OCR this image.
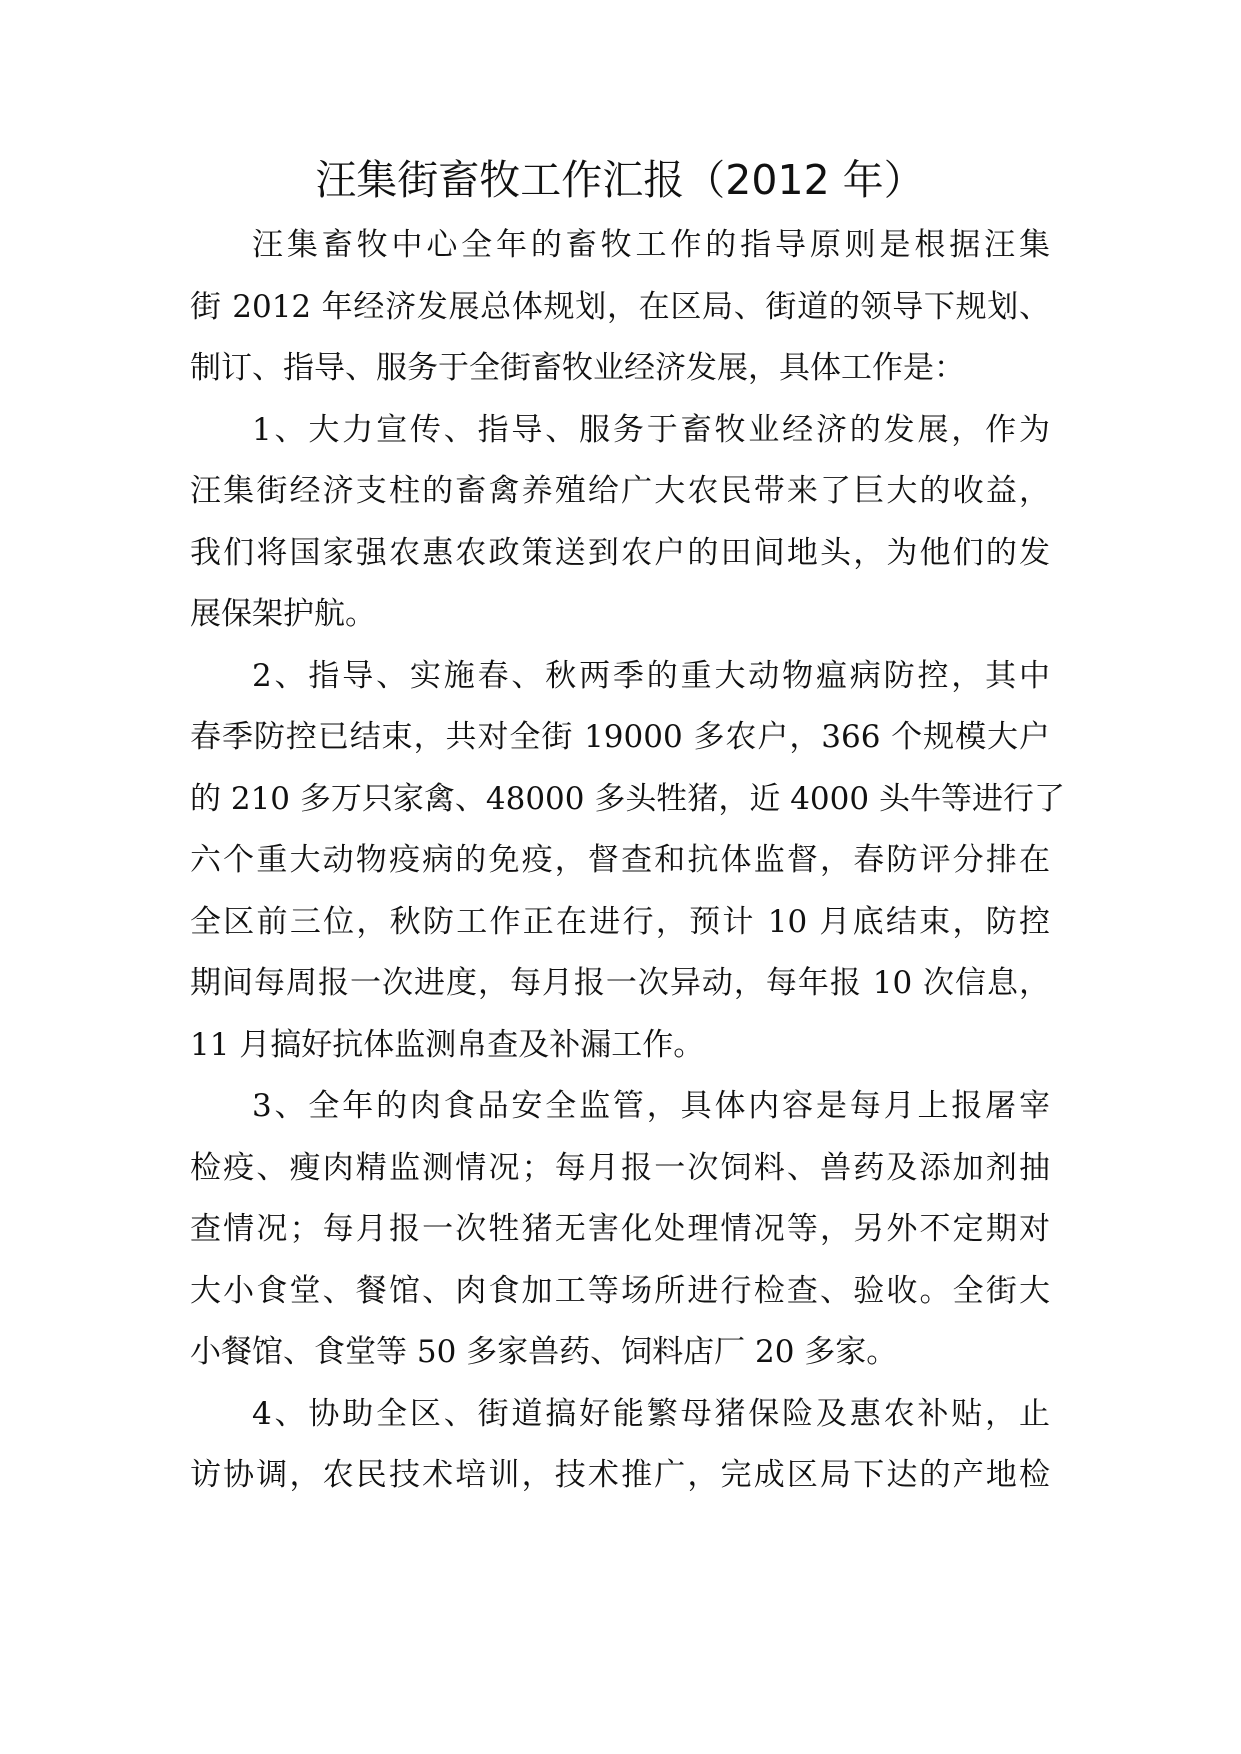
汪集街畜牧工作汇报（2012 年）
汪集畜牧中心全年的畜牧工作的指导原则是根据汪集
街 2012 年经济发展总体规划，在区局、街道的领导下规划、
制订、指导、服务于全街畜牧业经济发展，具体工作是：
1、大力宣传、指导、服务于畜牧业经济的发展，作为
汪集街经济支柱的畜禽养殖给广大农民带来了巨大的收益，
我们将国家强农惠农政策送到农户的田间地头，为他们的发
展保架护航。
2、指导、实施春、秋两季的重大动物瘟病防控，其中
春季防控已结束，共对全街 19000 多农户，366 个规模大户
的 210 多万只家禽、48000 多头牲猪，近 4000 头牛等进行了
六个重大动物疫病的免疫，督查和抗体监督，春防评分排在
全区前三位，秋防工作正在进行，预计 10 月底结束，防控
期间每周报一次进度，每月报一次异动，每年报 10 次信息，
11 月搞好抗体监测帛查及补漏工作。
3、全年的肉食品安全监管，具体内容是每月上报屠宰
检疫、瘦肉精监测情况；每月报一次饲料、兽药及添加剂抽
查情况；每月报一次牲猪无害化处理情况等，另外不定期对
大小食堂、餐馆、肉食加工等场所进行检查、验收。全街大
小餐馆、食堂等 50 多家兽药、饲料店厂 20 多家。
4、协助全区、街道搞好能繁母猪保险及惠农补贴，止
访协调，农民技术培训，技术推广，完成区局下达的产地检
